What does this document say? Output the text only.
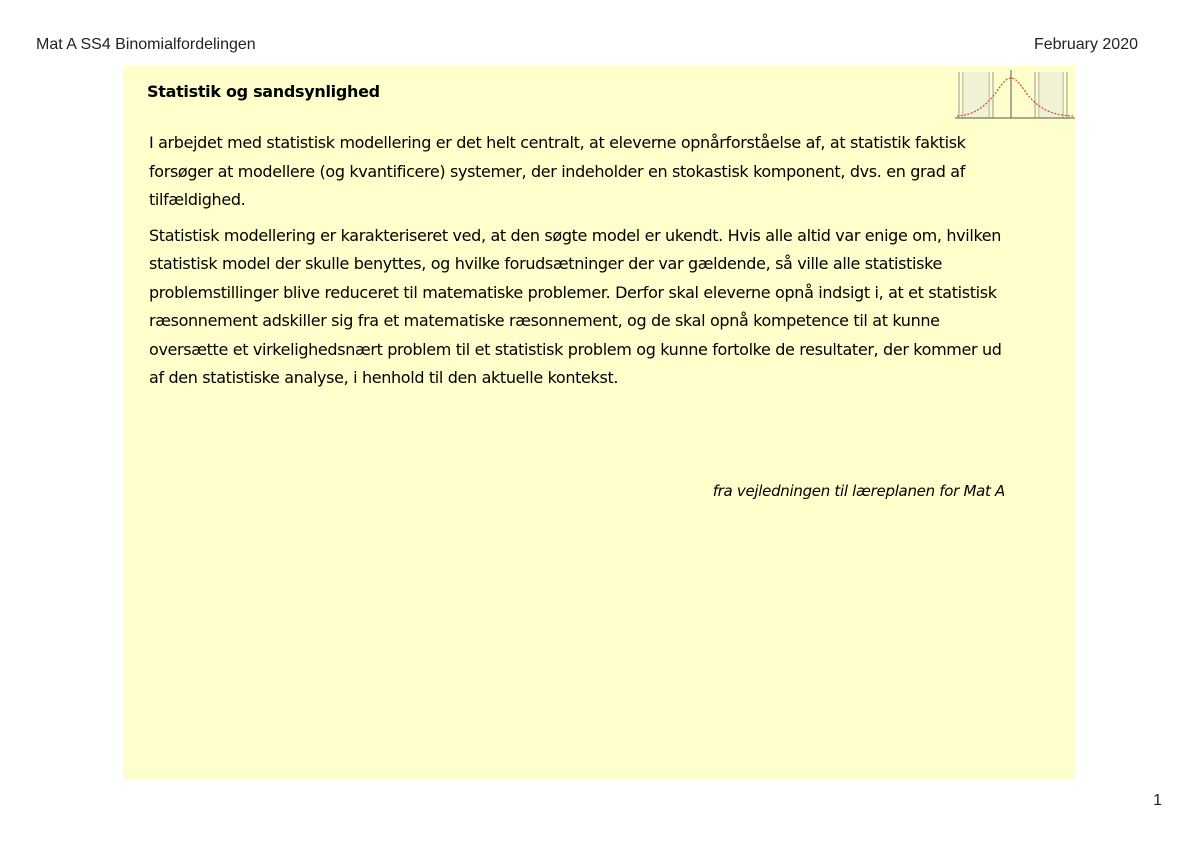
Mat A SS4 Binomialfordelingen	February 2020
Statistik og sandsynlighed

I arbejdet med statistisk modellering er det helt centralt, at eleverne opnårforståelse af, at statistik faktisk forsøger at modellere (og kvantificere) systemer, der indeholder en stokastisk komponent, dvs. en grad af tilfældighed.

Statistisk modellering er karakteriseret ved, at den søgte model er ukendt. Hvis alle altid var enige om, hvilken statistisk model der skulle benyttes, og hvilke forudsætninger der var gældende, så ville alle statistiske problemstillinger blive reduceret til matematiske problemer. Derfor skal eleverne opnå indsigt i, at et statistisk ræsonnement adskiller sig fra et matematiske ræsonnement, og de skal opnå kompetence til at kunne oversætte et virkelighedsnært problem til et statistisk problem og kunne fortolke de resultater, der kommer ud af den statistiske analyse, i henhold til den aktuelle kontekst.

fra vejledningen til læreplanen for Mat A
1
